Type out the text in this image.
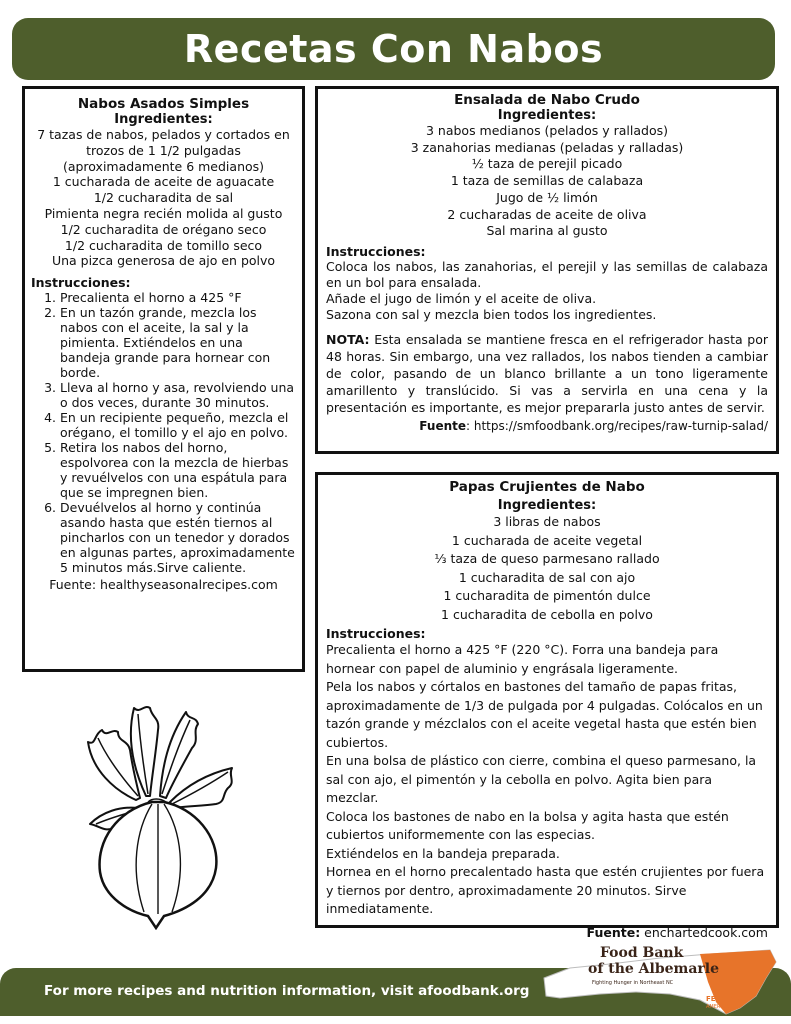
Recetas Con Nabos
Nabos Asados Simples
Ingredientes:
7 tazas de nabos, pelados y cortados en trozos de 1 1/2 pulgadas (aproximadamente 6 medianos)
1 cucharada de aceite de aguacate
1/2 cucharadita de sal
Pimienta negra recién molida al gusto
1/2 cucharadita de orégano seco
1/2 cucharadita de tomillo seco
Una pizca generosa de ajo en polvo
Instrucciones:
1. Precalienta el horno a 425 °F
2. En un tazón grande, mezcla los nabos con el aceite, la sal y la pimienta. Extiéndelos en una bandeja grande para hornear con borde.
3. Lleva al horno y asa, revolviendo una o dos veces, durante 30 minutos.
4. En un recipiente pequeño, mezcla el orégano, el tomillo y el ajo en polvo.
5. Retira los nabos del horno, espolvorea con la mezcla de hierbas y revuélvelos con una espátula para que se impregnen bien.
6. Devuélvelos al horno y continúa asando hasta que estén tiernos al pincharlos con un tenedor y dorados en algunas partes, aproximadamente 5 minutos más.Sirve caliente.
Fuente: healthyseasonalrecipes.com
Ensalada de Nabo Crudo
Ingredientes:
3 nabos medianos (pelados y rallados)
3 zanahorias medianas (peladas y ralladas)
½ taza de perejil picado
1 taza de semillas de calabaza
Jugo de ½ limón
2 cucharadas de aceite de oliva
Sal marina al gusto
Instrucciones:

Coloca los nabos, las zanahorias, el perejil y las semillas de calabaza en un bol para ensalada.

Añade el jugo de limón y el aceite de oliva.

Sazona con sal y mezcla bien todos los ingredientes.

NOTA: Esta ensalada se mantiene fresca en el refrigerador hasta por 48 horas. Sin embargo, una vez rallados, los nabos tienden a cambiar de color, pasando de un blanco brillante a un tono ligeramente amarillento y translúcido. Si vas a servirla en una cena y la presentación es importante, es mejor prepararla justo antes de servir.

Fuente: https://smfoodbank.org/recipes/raw-turnip-salad/
Papas Crujientes de Nabo
Ingredientes:
3 libras de nabos
1 cucharada de aceite vegetal
⅓ taza de queso parmesano rallado
1 cucharadita de sal con ajo
1 cucharadita de pimentón dulce
1 cucharadita de cebolla en polvo
Instrucciones:

Precalienta el horno a 425 °F (220 °C). Forra una bandeja para hornear con papel de aluminio y engrásala ligeramente.

Pela los nabos y córtalos en bastones del tamaño de papas fritas, aproximadamente de 1/3 de pulgada por 4 pulgadas. Colócalos en un tazón grande y mézclalos con el aceite vegetal hasta que estén bien cubiertos.

En una bolsa de plástico con cierre, combina el queso parmesano, la sal con ajo, el pimentón y la cebolla en polvo. Agita bien para mezclar.

Coloca los bastones de nabo en la bolsa y agita hasta que estén cubiertos uniformemente con las especias.

Extiéndelos en la bandeja preparada.

Hornea en el horno precalentado hasta que estén crujientes por fuera y tiernos por dentro, aproximadamente 20 minutos. Sirve inmediatamente.

Fuente: enchartedcook.com
For more recipes and nutrition information, visit afoodbank.org
Food Bank
of the Albemarle
Fighting Hunger in Northeast NC
FEEDING
AMERICA
